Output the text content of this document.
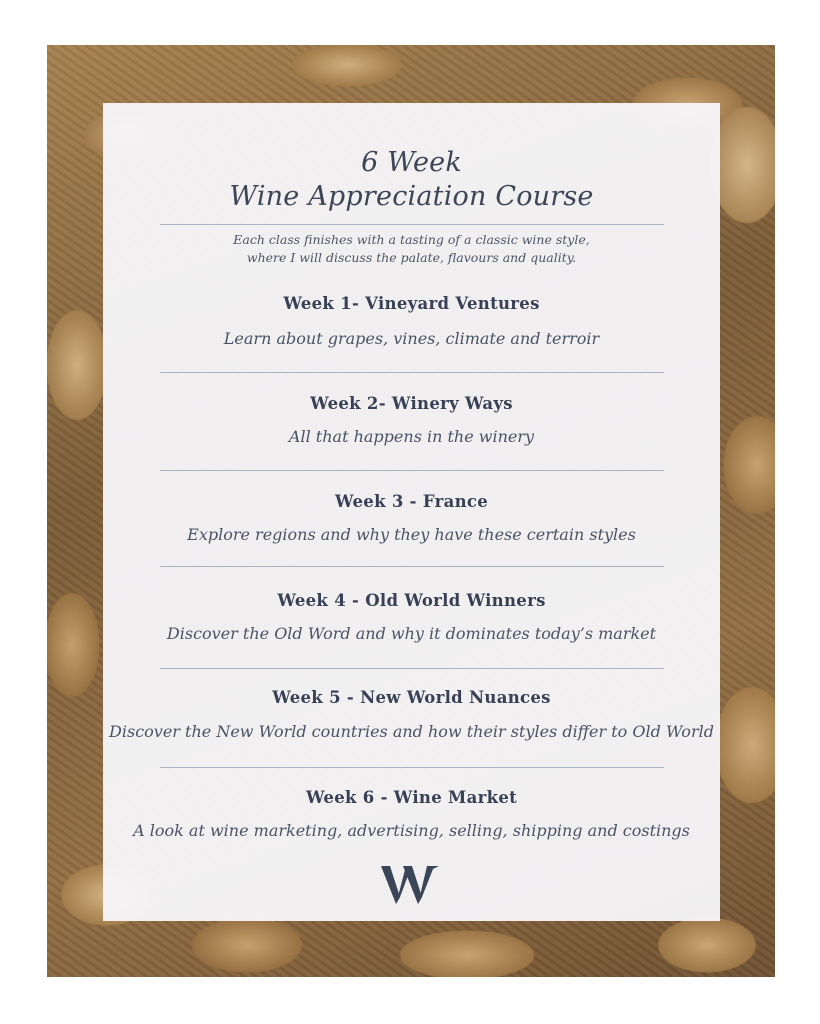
6 Week
Wine Appreciation Course
Each class finishes with a tasting of a classic wine style,
where I will discuss the palate, flavours and quality.
Week 1- Vineyard Ventures
Learn about grapes, vines, climate and terroir
Week 2- Winery Ways
All that happens in the winery
Week 3 - France
Explore regions and why they have these certain styles
Week 4 - Old World Winners
Discover the Old Word and why it dominates today’s market
Week 5 - New World Nuances
Discover the New World countries and how their styles differ to Old World
Week 6 - Wine Market
A look at wine marketing, advertising, selling, shipping and costings
